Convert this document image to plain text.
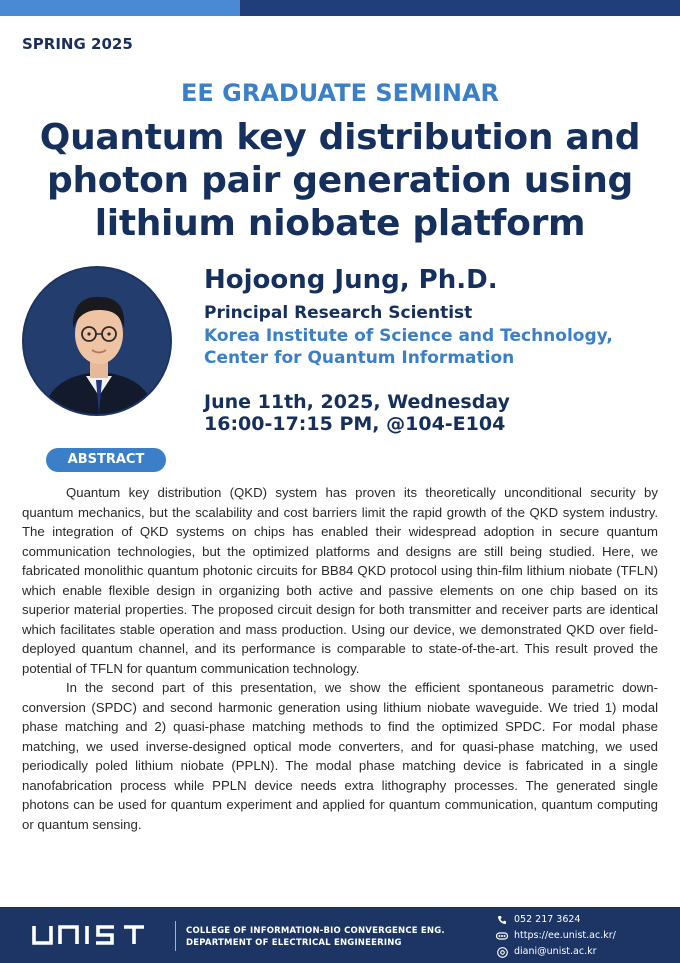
SPRING 2025
EE GRADUATE SEMINAR
Quantum key distribution and
photon pair generation using
lithium niobate platform
Hojoong Jung, Ph.D.
Principal Research Scientist
Korea Institute of Science and Technology,
Center for Quantum Information
June 11th, 2025, Wednesday
16:00-17:15 PM, @104-E104
ABSTRACT

Quantum key distribution (QKD) system has proven its theoretically unconditional security by quantum mechanics, but the scalability and cost barriers limit the rapid growth of the QKD system industry. The integration of QKD systems on chips has enabled their widespread adoption in secure quantum communication technologies, but the optimized platforms and designs are still being studied. Here, we fabricated monolithic quantum photonic circuits for BB84 QKD protocol using thin-film lithium niobate (TFLN) which enable flexible design in organizing both active and passive elements on one chip based on its superior material properties. The proposed circuit design for both transmitter and receiver parts are identical which facilitates stable operation and mass production. Using our device, we demonstrated QKD over field-deployed quantum channel, and its performance is comparable to state-of-the-art. This result proved the potential of TFLN for quantum communication technology.

In the second part of this presentation, we show the efficient spontaneous parametric down-conversion (SPDC) and second harmonic generation using lithium niobate waveguide. We tried 1) modal phase matching and 2) quasi-phase matching methods to find the optimized SPDC. For modal phase matching, we used inverse-designed optical mode converters, and for quasi-phase matching, we used periodically poled lithium niobate (PPLN). The modal phase matching device is fabricated in a single nanofabrication process while PPLN device needs extra lithography processes. The generated single photons can be used for quantum experiment and applied for quantum communication, quantum computing or quantum sensing.

COLLEGE OF INFORMATION-BIO CONVERGENCE ENG.
DEPARTMENT OF ELECTRICAL ENGINEERING
052 217 3624
https://ee.unist.ac.kr/
diani@unist.ac.kr
